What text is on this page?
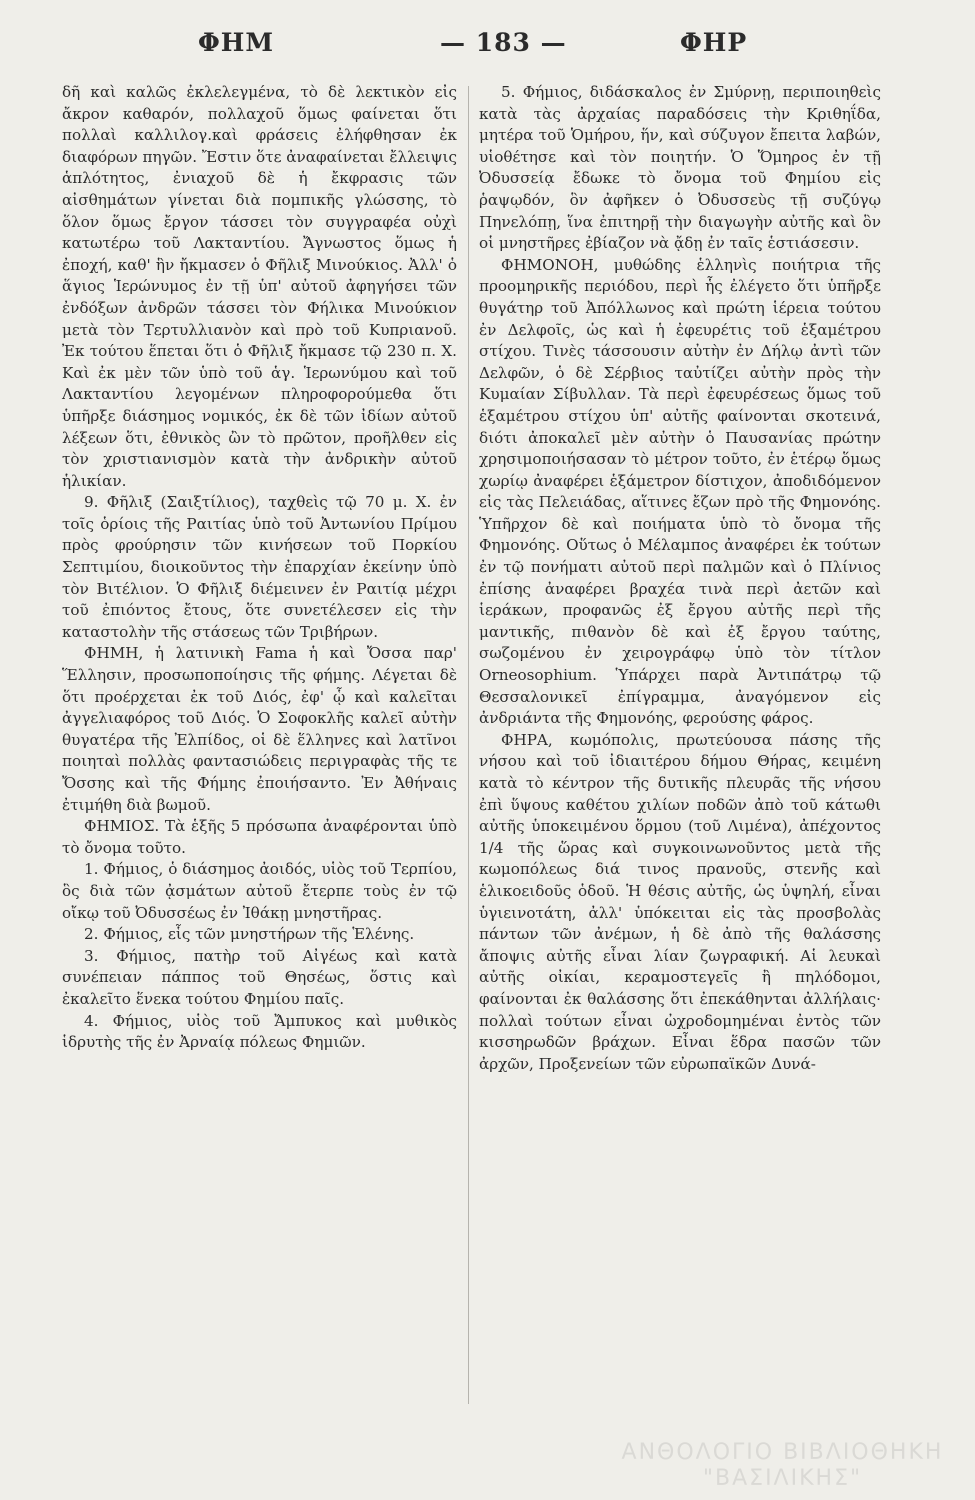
ΦΗΜ	— 183 —	ΦΗΡ

δῆ καὶ καλῶς ἐκλελεγμένα, τὸ δὲ λεκτικὸν εἰς ἄκρον καθαρόν, πολλαχοῦ ὅμως φαίνεται ὅτι πολλαὶ καλλιλογ.καὶ φράσεις ἐλήφθησαν ἐκ διαφόρων πηγῶν. Ἔστιν ὅτε ἀναφαίνεται ἔλλειψις ἁπλότητος, ἐνιαχοῦ δὲ ἡ ἔκφρασις τῶν αἰσθημάτων γίνεται διὰ πομπικῆς γλώσσης, τὸ ὅλον ὅμως ἔργον τάσσει τὸν συγγραφέα οὐχὶ κατωτέρω τοῦ Λακταντίου. Ἄγνωστος ὅμως ἡ ἐποχή, καθ' ἣν ἤκμασεν ὁ Φῆλιξ Μινούκιος. Ἀλλ' ὁ ἅγιος Ἱερώνυμος ἐν τῇ ὑπ' αὐτοῦ ἀφηγήσει τῶν ἐνδόξων ἀνδρῶν τάσσει τὸν Φήλικα Μινούκιον μετὰ τὸν Τερτυλλιανὸν καὶ πρὸ τοῦ Κυπριανοῦ. Ἐκ τούτου ἕπεται ὅτι ὁ Φῆλιξ ἤκμασε τῷ 230 π. Χ. Καὶ ἐκ μὲν τῶν ὑπὸ τοῦ ἁγ. Ἱερωνύμου καὶ τοῦ Λακταντίου λεγομένων πληροφορούμεθα ὅτι ὑπῆρξε διάσημος νομικός, ἐκ δὲ τῶν ἰδίων αὐτοῦ λέξεων ὅτι, ἐθνικὸς ὢν τὸ πρῶτον, προῆλθεν εἰς τὸν χριστιανισμὸν κατὰ τὴν ἀνδρικὴν αὐτοῦ ἡλικίαν.

9. Φῆλιξ (Σαιξτίλιος), ταχθεὶς τῷ 70 μ. Χ. ἐν τοῖς ὁρίοις τῆς Ραιτίας ὑπὸ τοῦ Ἀντωνίου Πρίμου πρὸς φρούρησιν τῶν κινήσεων τοῦ Πορκίου Σεπτιμίου, διοικοῦντος τὴν ἐπαρχίαν ἐκείνην ὑπὸ τὸν Βιτέλιον. Ὁ Φῆλιξ διέμεινεν ἐν Ραιτίᾳ μέχρι τοῦ ἐπιόντος ἔτους, ὅτε συνετέλεσεν εἰς τὴν καταστολὴν τῆς στάσεως τῶν Τριβήρων.

ΦΗΜΗ, ἡ λατινικὴ Fama ἡ καὶ Ὄσσα παρ' Ἕλλησιν, προσωποποίησις τῆς φήμης. Λέγεται δὲ ὅτι προέρχεται ἐκ τοῦ Διός, ἐφ' ᾧ καὶ καλεῖται ἀγγελιαφόρος τοῦ Διός. Ὁ Σοφοκλῆς καλεῖ αὐτὴν θυγατέρα τῆς Ἐλπίδος, οἱ δὲ ἕλληνες καὶ λατῖνοι ποιηταὶ πολλὰς φαντασιώδεις περιγραφὰς τῆς τε Ὄσσης καὶ τῆς Φήμης ἐποιήσαντο. Ἐν Ἀθήναις ἐτιμήθη διὰ βωμοῦ.

ΦΗΜΙΟΣ. Τὰ ἑξῆς 5 πρόσωπα ἀναφέρονται ὑπὸ τὸ ὄνομα τοῦτο.

1. Φήμιος, ὁ διάσημος ἀοιδός, υἱὸς τοῦ Τερπίου, ὃς διὰ τῶν ᾀσμάτων αὐτοῦ ἔτερπε τοὺς ἐν τῷ οἴκῳ τοῦ Ὀδυσσέως ἐν Ἰθάκῃ μνηστῆρας.

2. Φήμιος, εἷς τῶν μνηστήρων τῆς Ἑλένης.

3. Φήμιος, πατὴρ τοῦ Αἰγέως καὶ κατὰ συνέπειαν πάππος τοῦ Θησέως, ὅστις καὶ ἐκαλεῖτο ἕνεκα τούτου Φημίου παῖς.

4. Φήμιος, υἱὸς τοῦ Ἄμπυκος καὶ μυθικὸς ἱδρυτὴς τῆς ἐν Ἀρναίᾳ πόλεως Φημιῶν.

5. Φήμιος, διδάσκαλος ἐν Σμύρνῃ, περιποιηθεὶς κατὰ τὰς ἀρχαίας παραδόσεις τὴν Κριθηΐδα, μητέρα τοῦ Ὁμήρου, ἥν, καὶ σύζυγον ἔπειτα λαβών, υἱοθέτησε καὶ τὸν ποιητήν. Ὁ Ὅμηρος ἐν τῇ Ὀδυσσείᾳ ἔδωκε τὸ ὄνομα τοῦ Φημίου εἰς ῥαψῳδόν, ὃν ἀφῆκεν ὁ Ὀδυσσεὺς τῇ συζύγῳ Πηνελόπῃ, ἵνα ἐπιτηρῇ τὴν διαγωγὴν αὐτῆς καὶ ὃν οἱ μνηστῆρες ἐβίαζον νὰ ᾄδῃ ἐν ταῖς ἑστιάσεσιν.

ΦΗΜΟΝΟΗ, μυθώδης ἑλληνὶς ποιήτρια τῆς προομηρικῆς περιόδου, περὶ ἧς ἐλέγετο ὅτι ὑπῆρξε θυγάτηρ τοῦ Ἀπόλλωνος καὶ πρώτη ἱέρεια τούτου ἐν Δελφοῖς, ὡς καὶ ἡ ἐφευρέτις τοῦ ἑξαμέτρου στίχου. Τινὲς τάσσουσιν αὐτὴν ἐν Δήλῳ ἀντὶ τῶν Δελφῶν, ὁ δὲ Σέρβιος ταὐτίζει αὐτὴν πρὸς τὴν Κυμαίαν Σίβυλλαν. Τὰ περὶ ἐφευρέσεως ὅμως τοῦ ἑξαμέτρου στίχου ὑπ' αὐτῆς φαίνονται σκοτεινά, διότι ἀποκαλεῖ μὲν αὐτὴν ὁ Παυσανίας πρώτην χρησιμοποιήσασαν τὸ μέτρον τοῦτο, ἐν ἑτέρῳ ὅμως χωρίῳ ἀναφέρει ἑξάμετρον δίστιχον, ἀποδιδόμενον εἰς τὰς Πελειάδας, αἵτινες ἔζων πρὸ τῆς Φημονόης. Ὑπῆρχον δὲ καὶ ποιήματα ὑπὸ τὸ ὄνομα τῆς Φημονόης. Οὕτως ὁ Μέλαμπος ἀναφέρει ἐκ τούτων ἐν τῷ πονήματι αὐτοῦ περὶ παλμῶν καὶ ὁ Πλίνιος ἐπίσης ἀναφέρει βραχέα τινὰ περὶ ἀετῶν καὶ ἱεράκων, προφανῶς ἐξ ἔργου αὐτῆς περὶ τῆς μαντικῆς, πιθανὸν δὲ καὶ ἐξ ἔργου ταύτης, σωζομένου ἐν χειρογράφῳ ὑπὸ τὸν τίτλον Orneosophium. Ὑπάρχει παρὰ Ἀντιπάτρῳ τῷ Θεσσαλονικεῖ ἐπίγραμμα, ἀναγόμενον εἰς ἀνδριάντα τῆς Φημονόης, φερούσης φάρος.

ΦΗΡΑ, κωμόπολις, πρωτεύουσα πάσης τῆς νήσου καὶ τοῦ ἰδιαιτέρου δήμου Θήρας, κειμένη κατὰ τὸ κέντρον τῆς δυτικῆς πλευρᾶς τῆς νήσου ἐπὶ ὕψους καθέτου χιλίων ποδῶν ἀπὸ τοῦ κάτωθι αὐτῆς ὑποκειμένου ὅρμου (τοῦ Λιμένα), ἀπέχοντος 1/4 τῆς ὥρας καὶ συγκοινωνοῦντος μετὰ τῆς κωμοπόλεως διά τινος πρανοῦς, στενῆς καὶ ἑλικοειδοῦς ὁδοῦ. Ἡ θέσις αὐτῆς, ὡς ὑψηλή, εἶναι ὑγιεινοτάτη, ἀλλ' ὑπόκειται εἰς τὰς προσβολὰς πάντων τῶν ἀνέμων, ἡ δὲ ἀπὸ τῆς θαλάσσης ἄποψις αὐτῆς εἶναι λίαν ζωγραφική. Αἱ λευκαὶ αὐτῆς οἰκίαι, κεραμοστεγεῖς ἢ πηλόδομοι, φαίνονται ἐκ θαλάσσης ὅτι ἐπεκάθηνται ἀλλήλαις· πολλαὶ τούτων εἶναι ὠχροδομημέναι ἐντὸς τῶν κισσηρωδῶν βράχων. Εἶναι ἕδρα πασῶν τῶν ἀρχῶν, Προξενείων τῶν εὐρωπαϊκῶν Δυνά-

ΑΝΘΟΛΟΓΙΟ ΒΙΒΛΙΟΘΗΚΗ "ΒΑΣΙΛΙΚΗΣ"
